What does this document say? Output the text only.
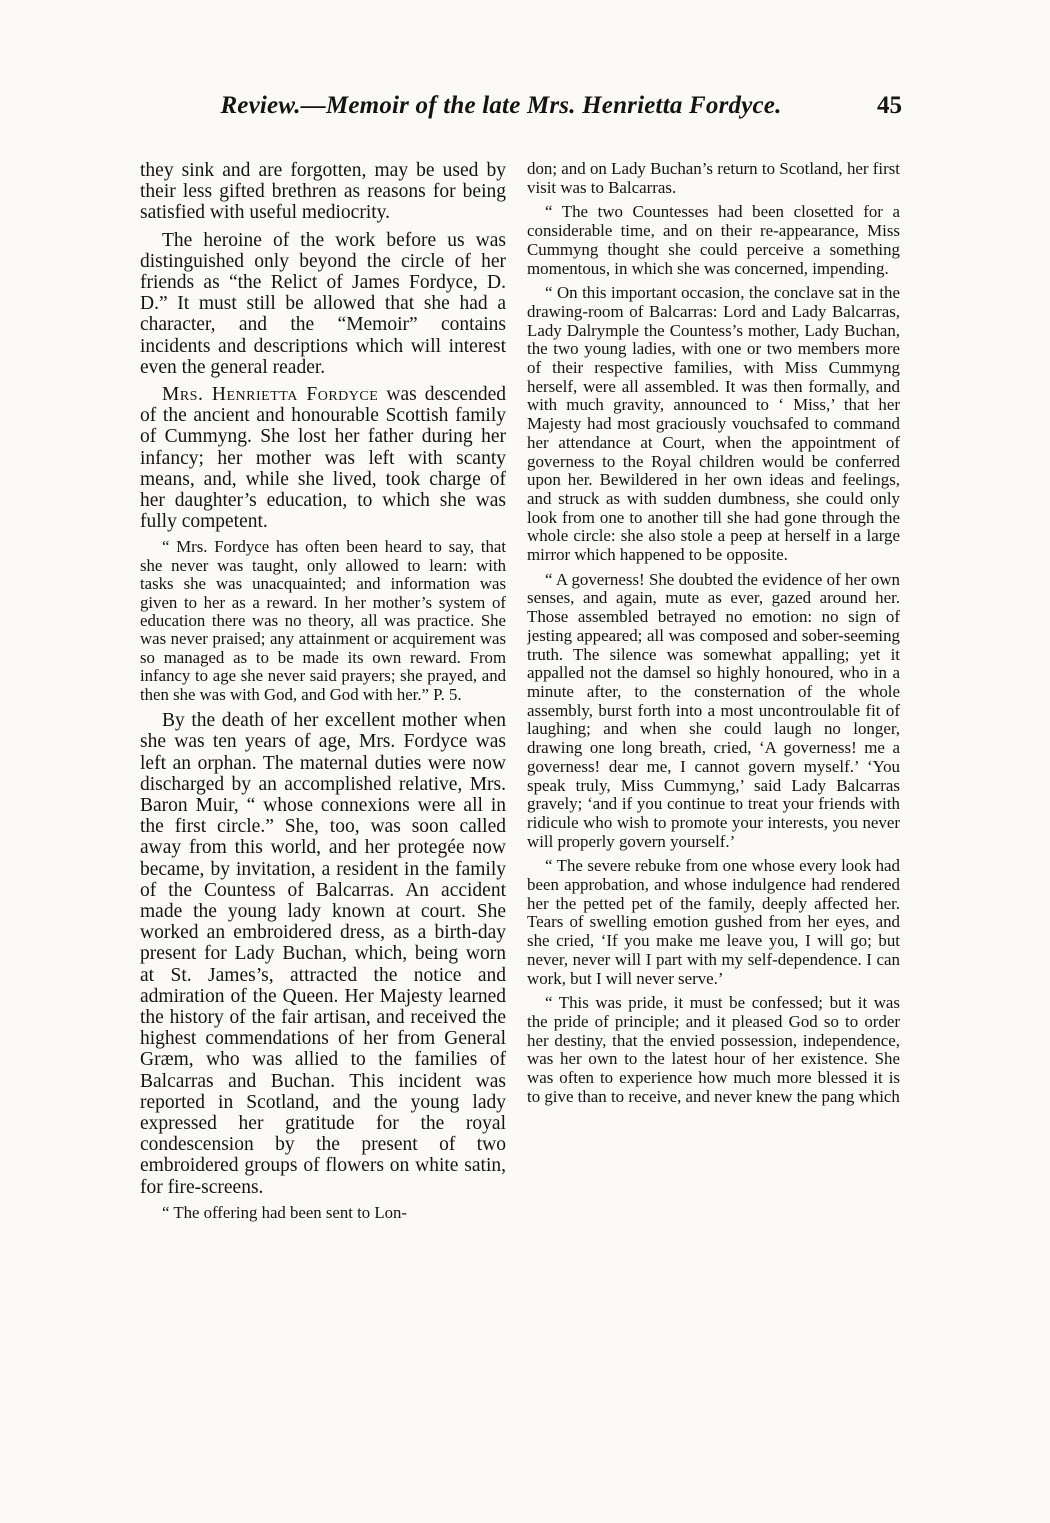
Review.—Memoir of the late Mrs. Henrietta Fordyce.	45

they sink and are forgotten, may be used by their less gifted brethren as reasons for being satisfied with useful mediocrity.

The heroine of the work before us was distinguished only beyond the circle of her friends as “the Relict of James Fordyce, D. D.” It must still be allowed that she had a character, and the “Memoir” contains incidents and descriptions which will interest even the general reader.

Mrs. Henrietta Fordyce was descended of the ancient and honourable Scottish family of Cummyng. She lost her father during her infancy; her mother was left with scanty means, and, while she lived, took charge of her daughter’s education, to which she was fully competent.

“ Mrs. Fordyce has often been heard to say, that she never was taught, only allowed to learn: with tasks she was unacquainted; and information was given to her as a reward. In her mother’s system of education there was no theory, all was practice. She was never praised; any attainment or acquirement was so managed as to be made its own reward. From infancy to age she never said prayers; she prayed, and then she was with God, and God with her.” P. 5.

By the death of her excellent mother when she was ten years of age, Mrs. Fordyce was left an orphan. The maternal duties were now discharged by an accomplished relative, Mrs. Baron Muir, “ whose connexions were all in the first circle.” She, too, was soon called away from this world, and her protegée now became, by invitation, a resident in the family of the Countess of Balcarras. An accident made the young lady known at court. She worked an embroidered dress, as a birth-day present for Lady Buchan, which, being worn at St. James’s, attracted the notice and admiration of the Queen. Her Majesty learned the history of the fair artisan, and received the highest commendations of her from General Græm, who was allied to the families of Balcarras and Buchan. This incident was reported in Scotland, and the young lady expressed her gratitude for the royal condescension by the present of two embroidered groups of flowers on white satin, for fire-screens.

“ The offering had been sent to Lon-

don; and on Lady Buchan’s return to Scotland, her first visit was to Balcarras.

“ The two Countesses had been closetted for a considerable time, and on their re-appearance, Miss Cummyng thought she could perceive a something momentous, in which she was concerned, impending.

“ On this important occasion, the conclave sat in the drawing-room of Balcarras: Lord and Lady Balcarras, Lady Dalrymple the Countess’s mother, Lady Buchan, the two young ladies, with one or two members more of their respective families, with Miss Cummyng herself, were all assembled. It was then formally, and with much gravity, announced to ‘ Miss,’ that her Majesty had most graciously vouchsafed to command her attendance at Court, when the appointment of governess to the Royal children would be conferred upon her. Bewildered in her own ideas and feelings, and struck as with sudden dumbness, she could only look from one to another till she had gone through the whole circle: she also stole a peep at herself in a large mirror which happened to be opposite.

“ A governess! She doubted the evidence of her own senses, and again, mute as ever, gazed around her. Those assembled betrayed no emotion: no sign of jesting appeared; all was composed and sober-seeming truth. The silence was somewhat appalling; yet it appalled not the damsel so highly honoured, who in a minute after, to the consternation of the whole assembly, burst forth into a most uncontroulable fit of laughing; and when she could laugh no longer, drawing one long breath, cried, ‘A governess! me a governess! dear me, I cannot govern myself.’ ‘You speak truly, Miss Cummyng,’ said Lady Balcarras gravely; ‘and if you continue to treat your friends with ridicule who wish to promote your interests, you never will properly govern yourself.’

“ The severe rebuke from one whose every look had been approbation, and whose indulgence had rendered her the petted pet of the family, deeply affected her. Tears of swelling emotion gushed from her eyes, and she cried, ‘If you make me leave you, I will go; but never, never will I part with my self-dependence. I can work, but I will never serve.’

“ This was pride, it must be confessed; but it was the pride of principle; and it pleased God so to order her destiny, that the envied possession, independence, was her own to the latest hour of her existence. She was often to experience how much more blessed it is to give than to receive, and never knew the pang which
